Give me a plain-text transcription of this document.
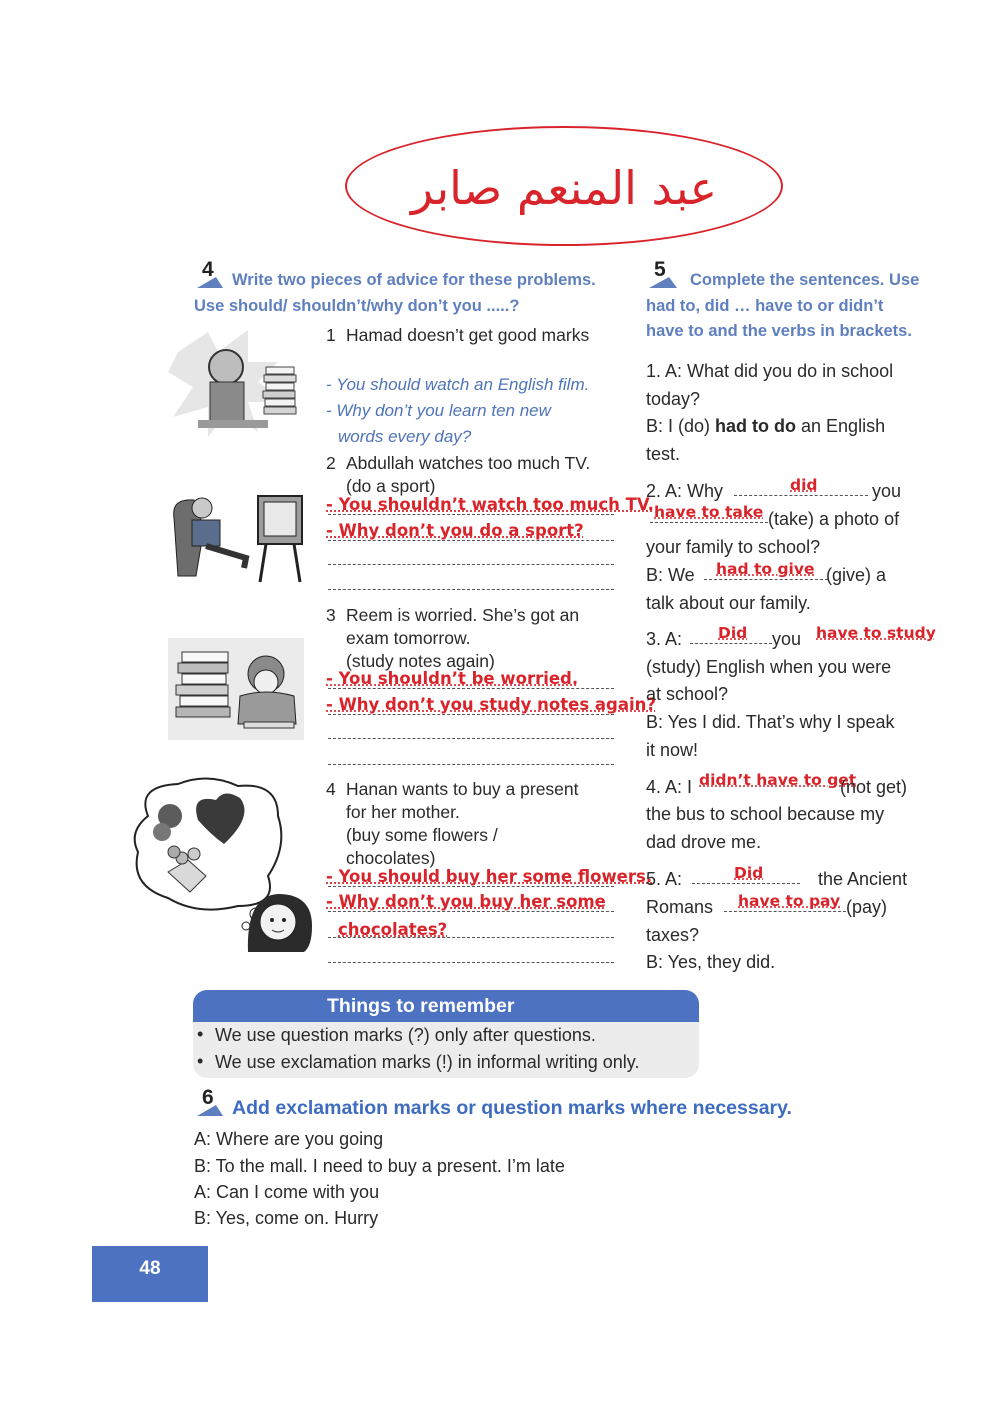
عبد المنعم صابر
4 Write two pieces of advice for these problems.
Use should/ shouldn’t/why don’t you .....?
1 Hamad doesn’t get good marks
- You should watch an English film.
- Why don’t you learn ten new
words every day?
2 Abdullah watches too much TV.
(do a sport)
- You shouldn’t watch too much TV.
- Why don’t you do a sport?
3 Reem is worried. She’s got an
exam tomorrow.
(study notes again)
- You shouldn’t be worried.
- Why don’t you study notes again?
4 Hanan wants to buy a present
for her mother.
(buy some flowers /
chocolates)
- You should buy her some flowers.
- Why don’t you buy her some
chocolates?
5 Complete the sentences. Use
had to, did … have to or didn’t
have to and the verbs in brackets.
1. A: What did you do in school
today?
B: I (do) had to do an English
test.
2. A: Why	did	you
have to take (take) a photo of
your family to school?
B: We had to give (give) a
talk about our family.
3. A: Did you have to study
(study) English when you were
at school?
B: Yes I did. That’s why I speak
it now!
4. A: I didn’t have to get
(not get)
the bus to school because my
dad drove me.
5. A:	Did	the Ancient
Romans have to pay (pay)
taxes?
B: Yes, they did.
Things to remember
• We use question marks (?) only after questions.
• We use exclamation marks (!) in informal writing only.
6 Add exclamation marks or question marks where necessary.
A: Where are you going
B: To the mall. I need to buy a present. I’m late
A: Can I come with you
B: Yes, come on. Hurry
48
